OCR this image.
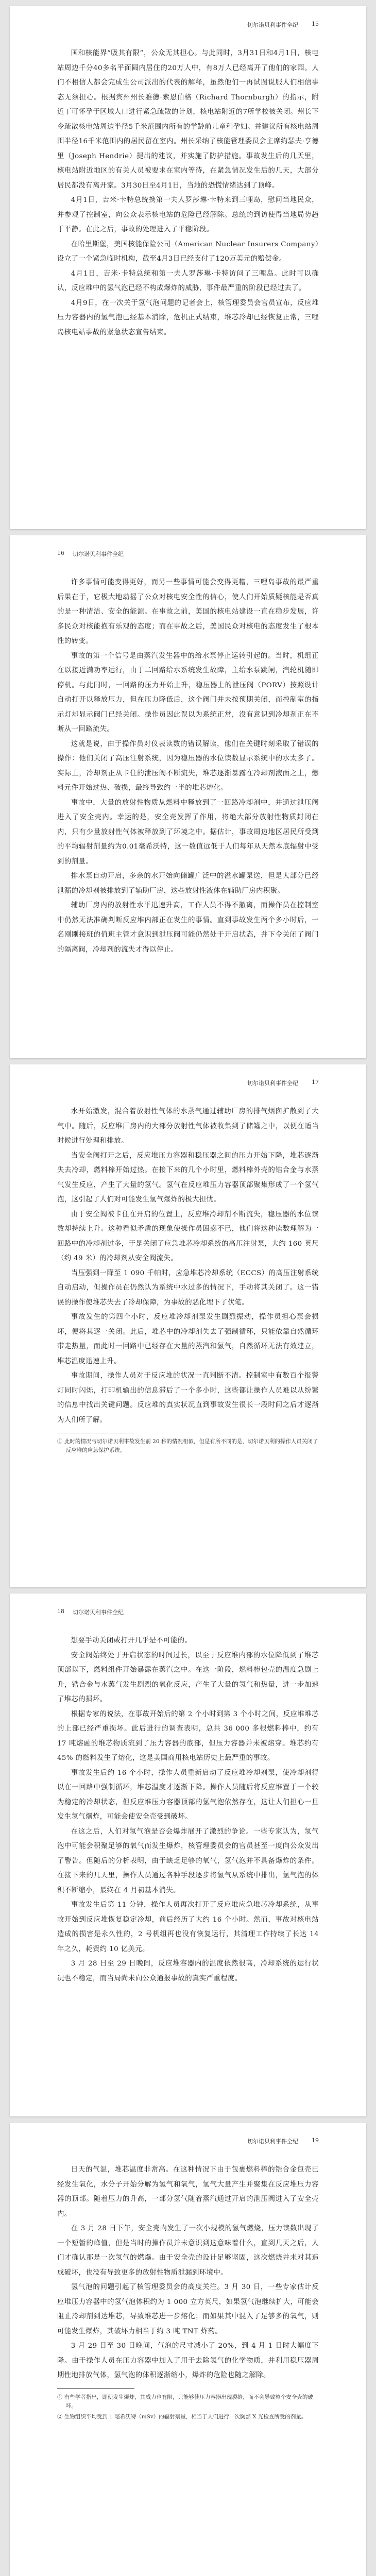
切尔诺贝利事件全纪 15

国和核能界“吸其有限”，公众无其担心。与此同时，3月31日和4月1日，核电站周边千分40多名平面圆内居住的20万人中，有8万人已经离开了他们的家园。人们不相信人都会完成生公司派出的代表的解释，虽然他们一再试图说服人们相信事态无须担心。根据宾州州长雅德·索恩伯格（Richard Thornburgh）的指示，附近丁可怀孕于区域人口进行紧急疏散的计划，核电站附近的7所学校被关闭。州长下令疏散核电站周边半径5千米范围内所有的学龄前儿童和孕妇。并建议所有核电站周围半径16千米范围内的居民留在室内。州长采纳了核能管理委员会主席约瑟夫·亨德里（Joseph Hendrie）提出的建议，并实施了防护措施。事故发生后的几天里，核电站附近地区的有关人员被要求在室内等待，在紧急情况发生后的几天，大部分居民都没有离开家。3月30日至4月1日，当地的恐慌情绪达到了顶峰。

4月1日，吉米·卡特总统携第一夫人罗莎琳·卡特来到三哩岛，慰问当地民众，并参观了控制室，向公众表示核电站的危险已经解除。总统的到访使得当地局势趋于平静。在此之后，事故的处理进入了平稳阶段。

在哈里斯堡，美国核能保险公司（American Nuclear Insurers Company）设立了一个紧急临时机构，截至4月3日已经支付了120万美元的赔偿金。

4月1日，吉米·卡特总统和第一夫人罗莎琳·卡特访问了三哩岛。此时可以确认，反应堆中的氢气泡已经不构成爆炸的威胁，事件最严重的阶段已经过去了。

4月9日，在一次关于氢气泡问题的记者会上，核管理委员会官员宣布，反应堆压力容器内的氢气泡已经基本消除，危机正式结束，堆芯冷却已经恢复正常，三哩岛核电站事故的紧急状态宣告结束。

16 切尔诺贝利事件全纪

许多事情可能变得更好，而另一些事情可能会变得更糟，三哩岛事故的最严重后果在于，它极大地动摇了公众对核电安全性的信心，使人们开始质疑核能是否真的是一种清洁、安全的能源。在事故之前，美国的核电站建设一直在稳步发展，许多民众对核能抱有乐观的态度；而在事故之后，美国民众对核电的态度发生了根本性的转变。

事故的第一个信号是由蒸汽发生器中的给水泵停止运转引起的。当时，机组正在以接近满功率运行，由于二回路给水系统发生故障，主给水泵跳闸，汽轮机随即停机。与此同时，一回路的压力开始上升，稳压器上的泄压阀（PORV）按照设计自动打开以释放压力，但在压力降低后，这个阀门并未按预期关闭，而控制室的指示灯却显示阀门已经关闭。操作员因此误以为系统正常，没有意识到冷却剂正在不断从一回路流失。

这就是说，由于操作员对仪表读数的错误解读，他们在关键时刻采取了错误的操作：他们关闭了高压注射系统，因为稳压器的水位读数显示系统中的水太多了。实际上，冷却剂正从卡住的泄压阀不断流失，堆芯逐渐暴露在冷却剂液面之上，燃料元件开始过热、破损，最终导致约一半的堆芯熔化。

事故中，大量的放射性物质从燃料中释放到了一回路冷却剂中，并通过泄压阀进入了安全壳内。幸运的是，安全壳发挥了作用，将绝大部分放射性物质封闭在内，只有少量放射性气体被释放到了环境之中。据估计，事故周边地区居民所受到的平均辐射剂量约为0.01毫希沃特，这一数值远低于人们每年从天然本底辐射中受到的剂量。

排水泵自动开启，多余的水开始向储罐广泛中的溢水罐泵送，但是大部分已经泄漏的冷却剂被排放到了辅助厂房，这些放射性液体在辅助厂房内积聚。

辅助厂房内的放射性水平迅速升高，工作人员不得不撤离，而操作员在控制室中仍然无法准确判断反应堆内部正在发生的事情。直到事故发生两个多小时后，一名刚刚接班的值班主管才意识到泄压阀可能仍然处于开启状态，并下令关闭了阀门的隔离阀，冷却剂的流失才得以停止。

切尔诺贝利事件全纪 17

水开始激发，混合着放射性气体的水蒸气通过辅助厂房的排气烟囱扩散到了大气中。随后，反应堆厂房内的大部分放射性气体被收集到了储罐之中，以便在适当时候进行处理和排放。

当安全阀打开之后，反应堆压力容器和稳压器之间的压力开始下降，堆芯逐渐失去冷却，燃料棒开始过热。在接下来的几个小时里，燃料棒外壳的锆合金与水蒸气发生反应，产生了大量的氢气。氢气在反应堆压力容器顶部聚集形成了一个氢气泡，这引起了人们对可能发生氢气爆炸的极大担忧。

由于安全阀被卡住在开启的位置上，反应堆冷却剂不断流失，稳压器的水位读数却持续上升。这种看似矛盾的现象使操作员困惑不已，他们将这种读数理解为一回路中的冷却剂过多，于是关闭了应急堆芯冷却系统的高压注射泵，大约 160 英尺（约 49 米）的冷却剂从安全阀流失。

当压强到一降至 1 090 千帕时，应急堆芯冷却系统（ECCS）的高压注射系统自动启动，但操作员在仍然认为系统中水过多的情况下，手动将其关闭了。这一错误的操作使堆芯失去了冷却保障，为事故的恶化埋下了伏笔。

事故发生的第四个小时，反应堆冷却剂泵发生剧烈振动，操作员担心泵会损坏，便将其逐一关闭。此后，堆芯中的冷却剂失去了强制循环，只能依靠自然循环带走热量，而此时一回路中已经存在大量的蒸汽和氢气，自然循环无法有效建立，堆芯温度迅速上升。

事故期间，操作人员对于反应堆的状况一直判断不清。控制室中有数百个报警灯同时闪烁，打印机输出的信息滞后了一个多小时，这些都让操作人员难以从纷繁的信息中找出关键问题。反应堆的真实状况直到事故发生很长一段时间之后才逐渐为人们所了解。

① 此时的情况与切尔诺贝利事故发生前 20 秒的情况相似，但是有所不同的是，切尔诺贝利的操作人员关闭了反应堆的应急保护系统。

18 切尔诺贝利事件全纪

想要手动关闭或打开几乎是不可能的。

安全阀始终处于开启状态的时间过长，以至于反应堆内部的水位降低到了堆芯顶部以下，燃料组件开始暴露在蒸汽之中。在这一阶段，燃料棒包壳的温度急剧上升，锆合金与水蒸气发生剧烈的氧化反应，产生了大量的氢气和热量，进一步加速了堆芯的损坏。

根据专家的说法，在事故开始后的第 2 个小时到第 3 个小时之间，反应堆堆芯的上部已经严重损坏。此后进行的调查表明，总共 36 000 多根燃料棒中，约有 17 吨熔融的堆芯物质流到了压力容器的底部，但压力容器并未被熔穿。堆芯约有 45% 的燃料发生了熔化，这是美国商用核电站历史上最严重的事故。

事故发生后约 16 个小时，操作人员重新启动了反应堆冷却剂泵，使冷却剂得以在一回路中强制循环，堆芯温度才逐渐下降。操作人员随后将反应堆置于一个较为稳定的冷却状态，但反应堆压力容器顶部的氢气泡依然存在，这让人们担心一旦发生氢气爆炸，可能会使安全壳受到破坏。

在这之后，人们对氢气泡是否会爆炸展开了激烈的争论。一些专家认为，氢气泡中可能会积聚足够的氧气而发生爆炸，核管理委员会的官员甚至一度向公众发出了警告。但随后的分析表明，由于缺乏足够的氧气，氢气泡并不具备爆炸的条件。在接下来的几天里，操作人员通过各种手段逐步将氢气从系统中排出，氢气泡的体积不断缩小，最终在 4 月初基本消失。

事故发生后第 11 分钟，操作人员再次打开了反应堆应急堆芯冷却系统，从事故开始到反应堆恢复稳定冷却，前后经历了大约 16 个小时。然而，事故对核电站造成的损害是永久性的，2 号机组再也没有恢复运行，其清理工作持续了长达 14 年之久，耗资约 10 亿美元。

3 月 28 日至 29 日晚间，反应堆容器内的温度依然很高，冷却系统的运行状况也不稳定，而当局尚未向公众通报事故的真实严重程度。

切尔诺贝利事件全纪 19

日天的气温，堆芯温度非常高。在这种情况下由于包裹燃料棒的锆合金包壳已经发生氧化，水分子开始分解为氢气和氧气，氢气大量产生并聚集在反应堆压力容器的顶部。随着压力的升高，一部分氢气随着蒸汽通过开启的泄压阀进入了安全壳内。

在 3 月 28 日下午，安全壳内发生了一次小规模的氢气燃烧，压力读数出现了一个短暂的峰值，但是当时的操作员并未意识到这意味着什么，直到几天之后，人们才确认那是一次氢气的燃爆。由于安全壳的设计足够坚固，这次燃烧并未对其造成破坏，也没有导致更多的放射性物质泄漏到环境中。

氢气泡的问题引起了核管理委员会的高度关注。3 月 30 日，一些专家估计反应堆压力容器中的氢气泡体积约为 1 000 立方英尺，如果氢气泡继续扩大，可能会阻止冷却剂到达堆芯，导致堆芯进一步熔化；而如果其中混入了足够多的氧气，则可能发生爆炸，其破坏力相当于约 3 吨 TNT 炸药。

3 月 29 日至 30 日晚间，气泡的尺寸减小了 20%，到 4 月 1 日时大幅度下降。由于操作人员在压力容器中加入了用于去除氢气的化学物质，并利用稳压器周期性地排放气体，氢气泡的体积逐渐缩小，爆炸的危险也随之解除。

① 有些学者指出，即使发生爆炸，其威力也有限，只能够使压力容器出现裂缝，而不会导致整个安全壳的破坏。

② 生物组织平均受到 1 毫希沃特（mSv）的辐射剂量，相当于人们进行一次胸部 X 光检查所受的剂量。
